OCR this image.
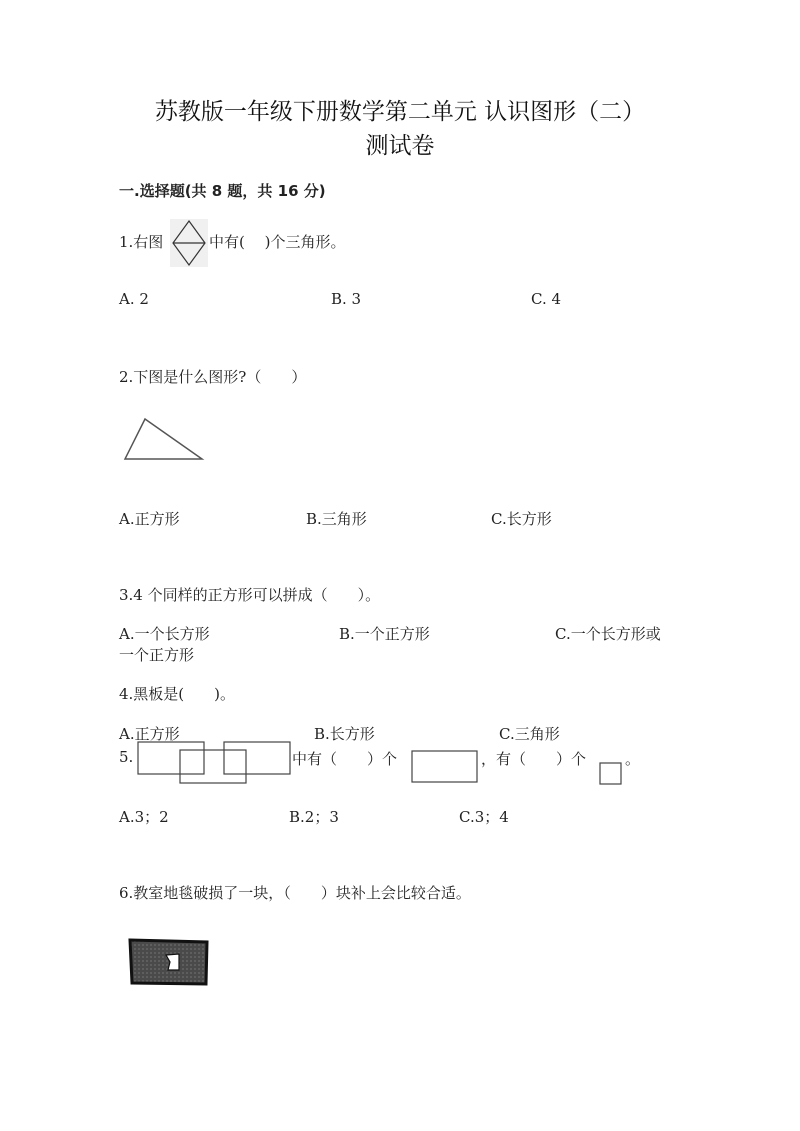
苏教版一年级下册数学第二单元 认识图形（二）
测试卷
一.选择题(共 8 题，共 16 分)
1.右图	中有(　 )个三角形。
A. 2	B. 3	C. 4
2.下图是什么图形?（　　）
A.正方形	B.三角形	C.长方形
3.4 个同样的正方形可以拼成（　　）。
A.一个长方形	B.一个正方形	C.一个长方形或
一个正方形
4.黑板是(　　)。
A.正方形	B.长方形	C.三角形
5.	中有（　　）个	，有（　　）个	。
A.3；2	B.2；3	C.3；4
6.教室地毯破损了一块，（　　）块补上会比较合适。
